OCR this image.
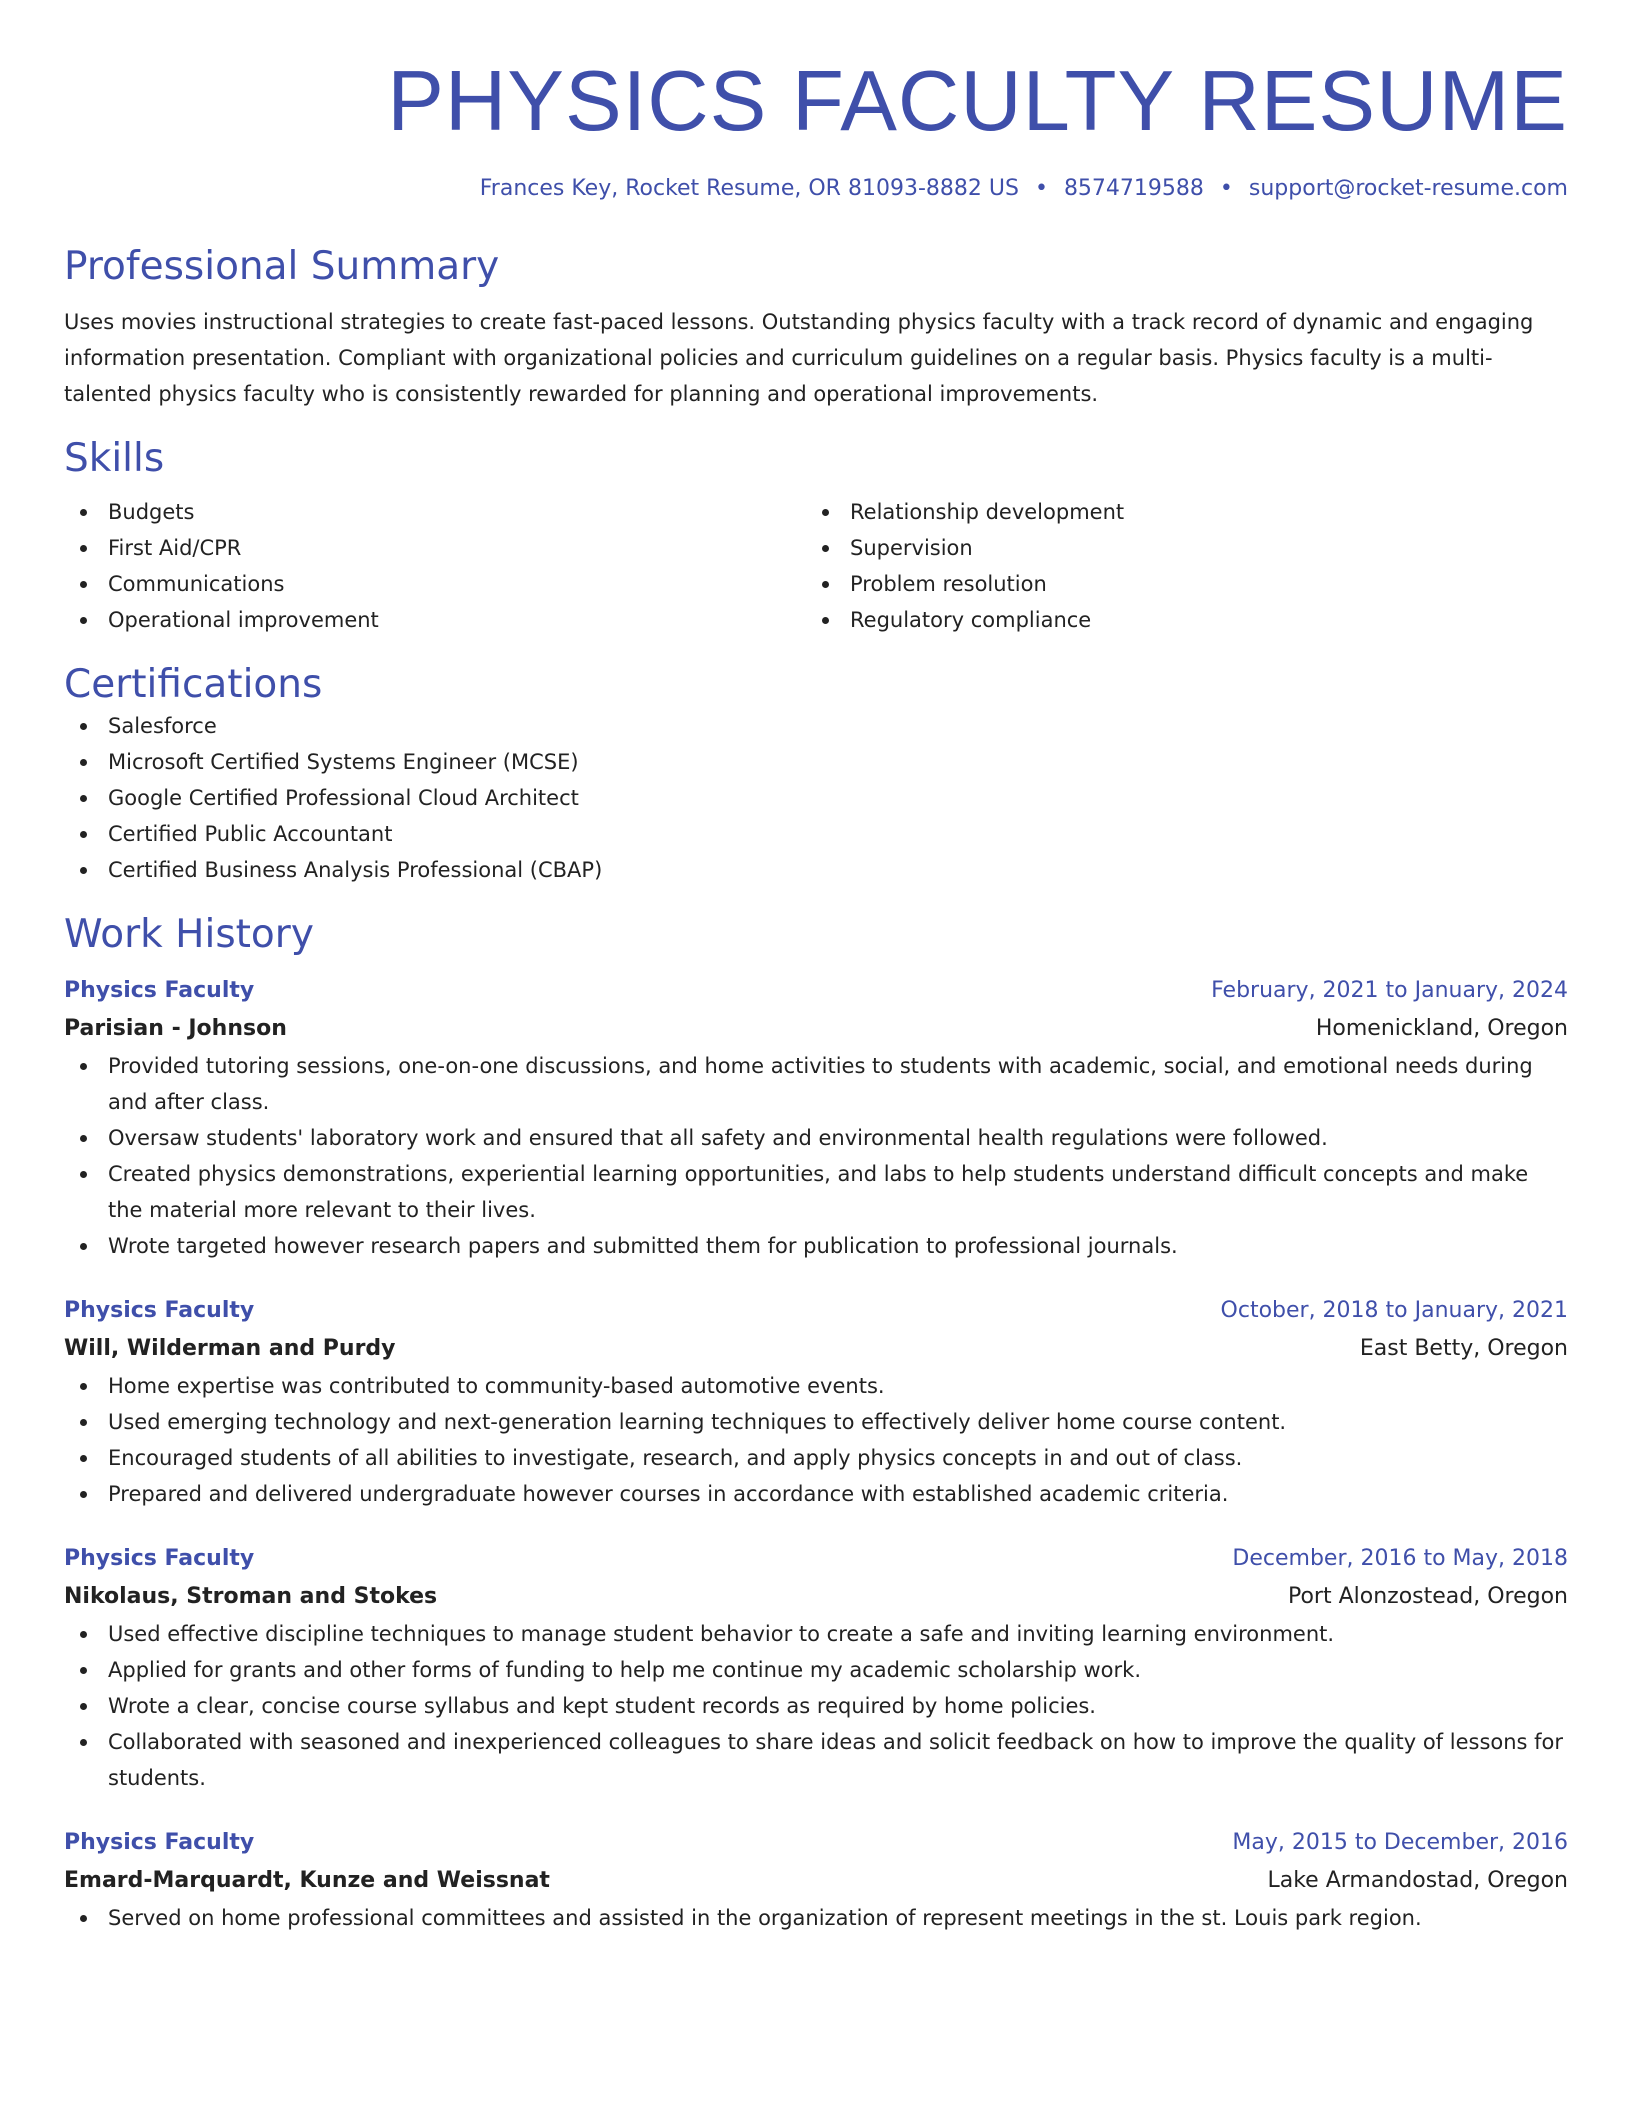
PHYSICS FACULTY RESUME
Frances Key, Rocket Resume, OR 81093-8882 US • 8574719588 • support@rocket-resume.com
Professional Summary

Uses movies instructional strategies to create fast-paced lessons. Outstanding physics faculty with a track record of dynamic and engaging information presentation. Compliant with organizational policies and curriculum guidelines on a regular basis. Physics faculty is a multi-talented physics faculty who is consistently rewarded for planning and operational improvements.

Skills
Budgets
First Aid/CPR
Communications
Operational improvement
Relationship development
Supervision
Problem resolution
Regulatory compliance
Certifications
Salesforce
Microsoft Certified Systems Engineer (MCSE)
Google Certified Professional Cloud Architect
Certified Public Accountant
Certified Business Analysis Professional (CBAP)
Work History
Physics Faculty	February, 2021 to January, 2024
Parisian - Johnson	Homenickland, Oregon
Provided tutoring sessions, one-on-one discussions, and home activities to students with academic, social, and emotional needs during and after class.
Oversaw students' laboratory work and ensured that all safety and environmental health regulations were followed.
Created physics demonstrations, experiential learning opportunities, and labs to help students understand difficult concepts and make the material more relevant to their lives.
Wrote targeted however research papers and submitted them for publication to professional journals.
Physics Faculty	October, 2018 to January, 2021
Will, Wilderman and Purdy	East Betty, Oregon
Home expertise was contributed to community-based automotive events.
Used emerging technology and next-generation learning techniques to effectively deliver home course content.
Encouraged students of all abilities to investigate, research, and apply physics concepts in and out of class.
Prepared and delivered undergraduate however courses in accordance with established academic criteria.
Physics Faculty	December, 2016 to May, 2018
Nikolaus, Stroman and Stokes	Port Alonzostead, Oregon
Used effective discipline techniques to manage student behavior to create a safe and inviting learning environment.
Applied for grants and other forms of funding to help me continue my academic scholarship work.
Wrote a clear, concise course syllabus and kept student records as required by home policies.
Collaborated with seasoned and inexperienced colleagues to share ideas and solicit feedback on how to improve the quality of lessons for students.
Physics Faculty	May, 2015 to December, 2016
Emard-Marquardt, Kunze and Weissnat	Lake Armandostad, Oregon
Served on home professional committees and assisted in the organization of represent meetings in the st. Louis park region.
